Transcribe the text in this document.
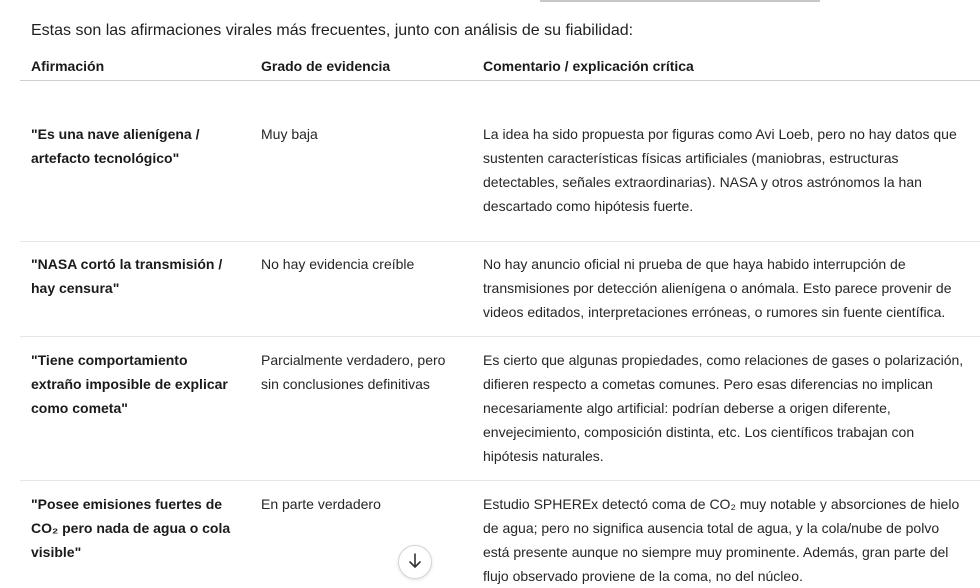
Estas son las afirmaciones virales más frecuentes, junto con análisis de su fiabilidad:
Afirmación	Grado de evidencia	Comentario / explicación crítica
"Es una nave alienígena / artefacto tecnológico"	Muy baja	La idea ha sido propuesta por figuras como Avi Loeb, pero no hay datos que sustenten características físicas artificiales (maniobras, estructuras detectables, señales extraordinarias). NASA y otros astrónomos la han descartado como hipótesis fuerte.
"NASA cortó la transmisión / hay censura"	No hay evidencia creíble	No hay anuncio oficial ni prueba de que haya habido interrupción de transmisiones por detección alienígena o anómala. Esto parece provenir de videos editados, interpretaciones erróneas, o rumores sin fuente científica.
"Tiene comportamiento extraño imposible de explicar como cometa"	Parcialmente verdadero, pero sin conclusiones definitivas	Es cierto que algunas propiedades, como relaciones de gases o polarización, difieren respecto a cometas comunes. Pero esas diferencias no implican necesariamente algo artificial: podrían deberse a origen diferente, envejecimiento, composición distinta, etc. Los científicos trabajan con hipótesis naturales.
"Posee emisiones fuertes de CO₂ pero nada de agua o cola visible"	En parte verdadero	Estudio SPHEREx detectó coma de CO₂ muy notable y absorciones de hielo de agua; pero no significa ausencia total de agua, y la cola/nube de polvo está presente aunque no siempre muy prominente. Además, gran parte del flujo observado proviene de la coma, no del núcleo.
